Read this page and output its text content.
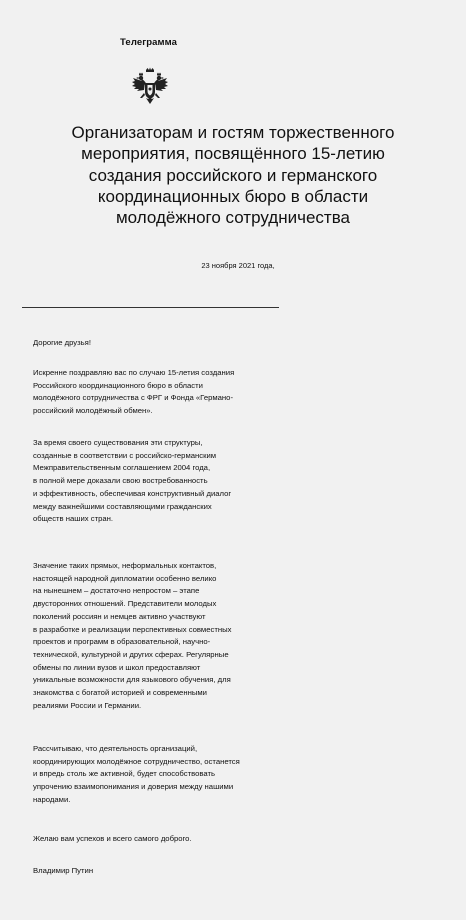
Телеграмма
Организаторам и гостям торжественного
мероприятия, посвящённого 15-летию
создания российского и германского
координационных бюро в области
молодёжного сотрудничества
23 ноября 2021 года,
Дорогие друзья!
Искренне поздравляю вас по случаю 15-летия создания
Российского координационного бюро в области
молодёжного сотрудничества с ФРГ и Фонда «Германо-
российский молодёжный обмен».
За время своего существования эти структуры,
созданные в соответствии с российско-германским
Межправительственным соглашением 2004 года,
в полной мере доказали свою востребованность
и эффективность, обеспечивая конструктивный диалог
между важнейшими составляющими гражданских
обществ наших стран.
Значение таких прямых, неформальных контактов,
настоящей народной дипломатии особенно велико
на нынешнем – достаточно непростом – этапе
двусторонних отношений. Представители молодых
поколений россиян и немцев активно участвуют
в разработке и реализации перспективных совместных
проектов и программ в образовательной, научно-
технической, культурной и других сферах. Регулярные
обмены по линии вузов и школ предоставляют
уникальные возможности для языкового обучения, для
знакомства с богатой историей и современными
реалиями России и Германии.
Рассчитываю, что деятельность организаций,
координирующих молодёжное сотрудничество, останется
и впредь столь же активной, будет способствовать
упрочению взаимопонимания и доверия между нашими
народами.
Желаю вам успехов и всего самого доброго.
Владимир Путин
